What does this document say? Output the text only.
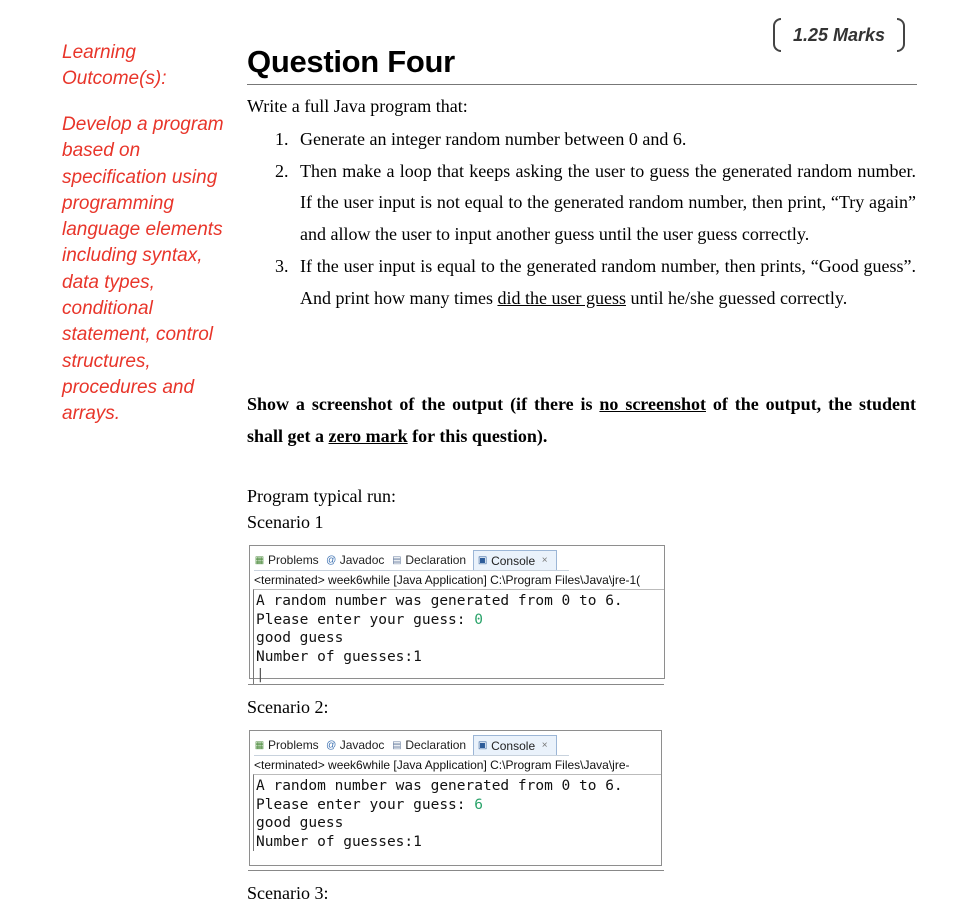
Learning Outcome(s):
Develop a program based on specification using programming language elements including syntax, data types, conditional statement, control structures, procedures and arrays.
1.25 Marks
Question Four
Write a full Java program that:
1. Generate an integer random number between 0 and 6.
2. Then make a loop that keeps asking the user to guess the generated random number. If the user input is not equal to the generated random number, then print, “Try again” and allow the user to input another guess until the user guess correctly.
3. If the user input is equal to the generated random number, then prints, “Good guess”. And print how many times did the user guess until he/she guessed correctly.
Show a screenshot of the output (if there is no screenshot of the output, the student shall get a zero mark for this question).
Program typical run:
Scenario 1
▦ Problems @ Javadoc ▤ Declaration ▣ Console ×
<terminated> week6while [Java Application] C:\Program Files\Java\jre-1(
A random number was generated from 0 to 6.
Please enter your guess: 0
good guess
Number of guesses:1
|
Scenario 2:
▦ Problems @ Javadoc ▤ Declaration ▣ Console ×
<terminated> week6while [Java Application] C:\Program Files\Java\jre-
A random number was generated from 0 to 6.
Please enter your guess: 6
good guess
Number of guesses:1
Scenario 3:
